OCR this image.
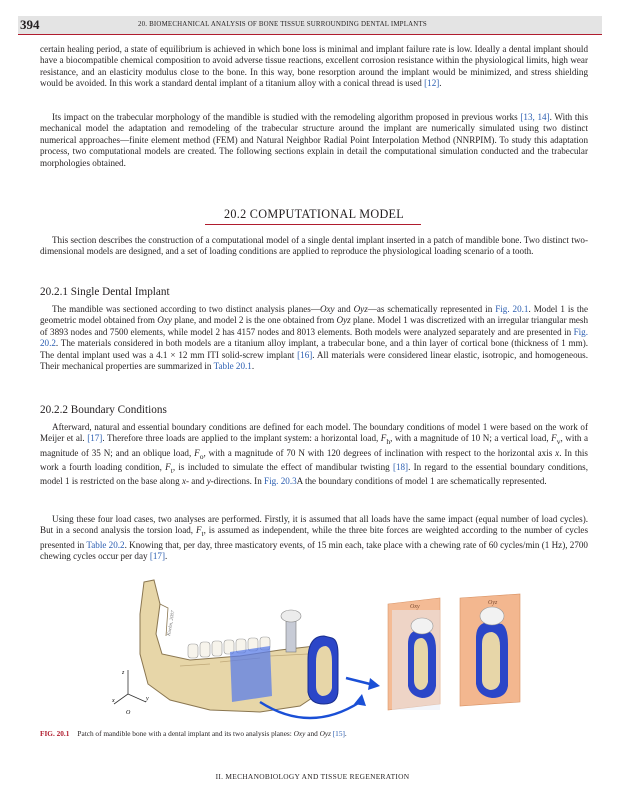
394	20. BIOMECHANICAL ANALYSIS OF BONE TISSUE SURROUNDING DENTAL IMPLANTS

certain healing period, a state of equilibrium is achieved in which bone loss is minimal and implant failure rate is low. Ideally a dental implant should have a biocompatible chemical composition to avoid adverse tissue reactions, excellent corrosion resistance within the physiological limits, high wear resistance, and an elasticity modulus close to the bone. In this way, bone resorption around the implant would be minimized, and stress shielding would be avoided. In this work a standard dental implant of a titanium alloy with a conical thread is used [12].

Its impact on the trabecular morphology of the mandible is studied with the remodeling algorithm proposed in previous works [13, 14]. With this mechanical model the adaptation and remodeling of the trabecular structure around the implant are numerically simulated using two distinct numerical approaches—finite element method (FEM) and Natural Neighbor Radial Point Interpolation Method (NNRPIM). To study this adaptation process, two computational models are created. The following sections explain in detail the computational simulation conducted and the trabecular morphologies obtained.

20.2 COMPUTATIONAL MODEL

This section describes the construction of a computational model of a single dental implant inserted in a patch of mandible bone. Two distinct two-dimensional models are designed, and a set of loading conditions are applied to reproduce the physiological loading scenario of a tooth.

20.2.1 Single Dental Implant

The mandible was sectioned according to two distinct analysis planes—Oxy and Oyz—as schematically represented in Fig. 20.1. Model 1 is the geometric model obtained from Oxy plane, and model 2 is the one obtained from Oyz plane. Model 1 was discretized with an irregular triangular mesh of 3893 nodes and 7500 elements, while model 2 has 4157 nodes and 8013 elements. Both models were analyzed separately and are presented in Fig. 20.2. The materials considered in both models are a titanium alloy implant, a trabecular bone, and a thin layer of cortical bone (thickness of 1 mm). The dental implant used was a 4.1 × 12 mm ITI solid-screw implant [16]. All materials were considered linear elastic, isotropic, and homogeneous. Their mechanical properties are summarized in Table 20.1.

20.2.2 Boundary Conditions

Afterward, natural and essential boundary conditions are defined for each model. The boundary conditions of model 1 were based on the work of Meijer et al. [17]. Therefore three loads are applied to the implant system: a horizontal load, $F_h$, with a magnitude of 10 N; a vertical load, $F_v$, with a magnitude of 35 N; and an oblique load, $F_o$, with a magnitude of 70 N with 120 degrees of inclination with respect to the horizontal axis x. In this work a fourth loading condition, $F_t$, is included to simulate the effect of mandibular twisting [18]. In regard to the essential boundary conditions, model 1 is restricted on the base along x- and y-directions. In Fig. 20.3A the boundary conditions of model 1 are schematically represented.

Using these four load cases, two analyses are performed. Firstly, it is assumed that all loads have the same impact (equal number of load cycles). But in a second analysis the torsion load, $F_t$, is assumed as independent, while the three bite forces are weighted according to the number of cycles presented in Table 20.2. Knowing that, per day, three masticatory events, of 15 min each, take place with a chewing rate of 60 cycles/min (1 Hz), 2700 chewing cycles occur per day [17].

Oxy
Oyz
z
y
x
O
Kuehn, 2007
FIG. 20.1 Patch of mandible bone with a dental implant and its two analysis planes: Oxy and Oyz [15].
II. MECHANOBIOLOGY AND TISSUE REGENERATION
